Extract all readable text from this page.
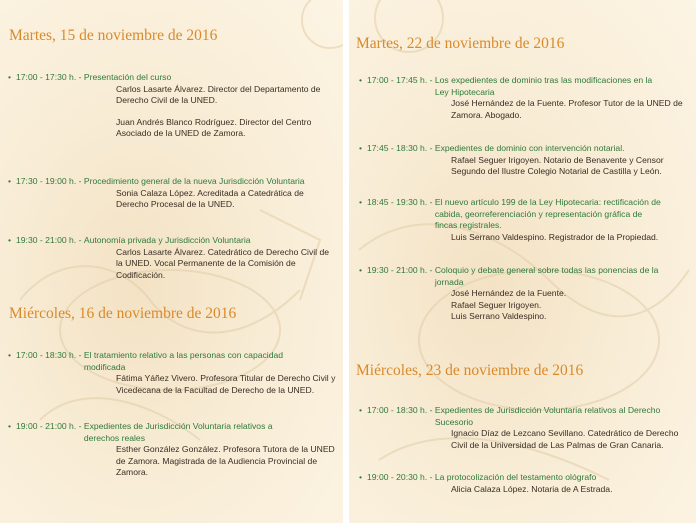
Martes, 15 de noviembre de 2016
• 17:00 - 17:30 h. - Presentación del curso
Carlos Lasarte Álvarez. Director del Departamento de Derecho Civil de la UNED.
Juan Andrés Blanco Rodríguez. Director del Centro Asociado de la UNED de Zamora.
• 17:30 - 19:00 h. - Procedimiento general de la nueva Jurisdicción Voluntaria
Sonia Calaza López. Acreditada a Catedrática de Derecho Procesal de la UNED.
• 19:30 - 21:00 h. - Autonomía privada y Jurisdicción Voluntaria
Carlos Lasarte Álvarez. Catedrático de Derecho Civil de la UNED. Vocal Permanente de la Comisión de Codificación.
Miércoles, 16 de noviembre de 2016
• 17:00 - 18:30 h. - El tratamiento relativo a las personas con capacidad modificada
Fátima Yáñez Vivero. Profesora Titular de Derecho Civil y Vicedecana de la Facultad de Derecho de la UNED.
• 19:00 - 21:00 h. - Expedientes de Jurisdicción Voluntaria relativos a derechos reales
Esther González González. Profesora Tutora de la UNED de Zamora. Magistrada de la Audiencia Provincial de Zamora.
Martes, 22 de noviembre de 2016
• 17:00 - 17:45 h. - Los expedientes de dominio tras las modificaciones en la Ley Hipotecaria
José Hernández de la Fuente. Profesor Tutor de la UNED de Zamora. Abogado.
• 17:45 - 18:30 h. - Expedientes de dominio con intervención notarial.
Rafael Seguer Irigoyen. Notario de Benavente y Censor Segundo del Ilustre Colegio Notarial de Castilla y León.
• 18:45 - 19:30 h. - El nuevo artículo 199 de la Ley Hipotecaria: rectificación de cabida, georreferenciación y representación gráfica de fincas registrales.
Luis Serrano Valdespino. Registrador de la Propiedad.
• 19:30 - 21:00 h. - Coloquio y debate general sobre todas las ponencias de la jornada
José Hernández de la Fuente.
Rafael Seguer Irigoyen.
Luis Serrano Valdespino.
Miércoles, 23 de noviembre de 2016
• 17:00 - 18:30 h. - Expedientes de Jurisdicción Voluntaria relativos al Derecho Sucesorio
Ignacio Díaz de Lezcano Sevillano. Catedrático de Derecho Civil de la Universidad de Las Palmas de Gran Canaria.
• 19:00 - 20:30 h. - La protocolización del testamento ológrafo
Alicia Calaza López. Notaria de A Estrada.
